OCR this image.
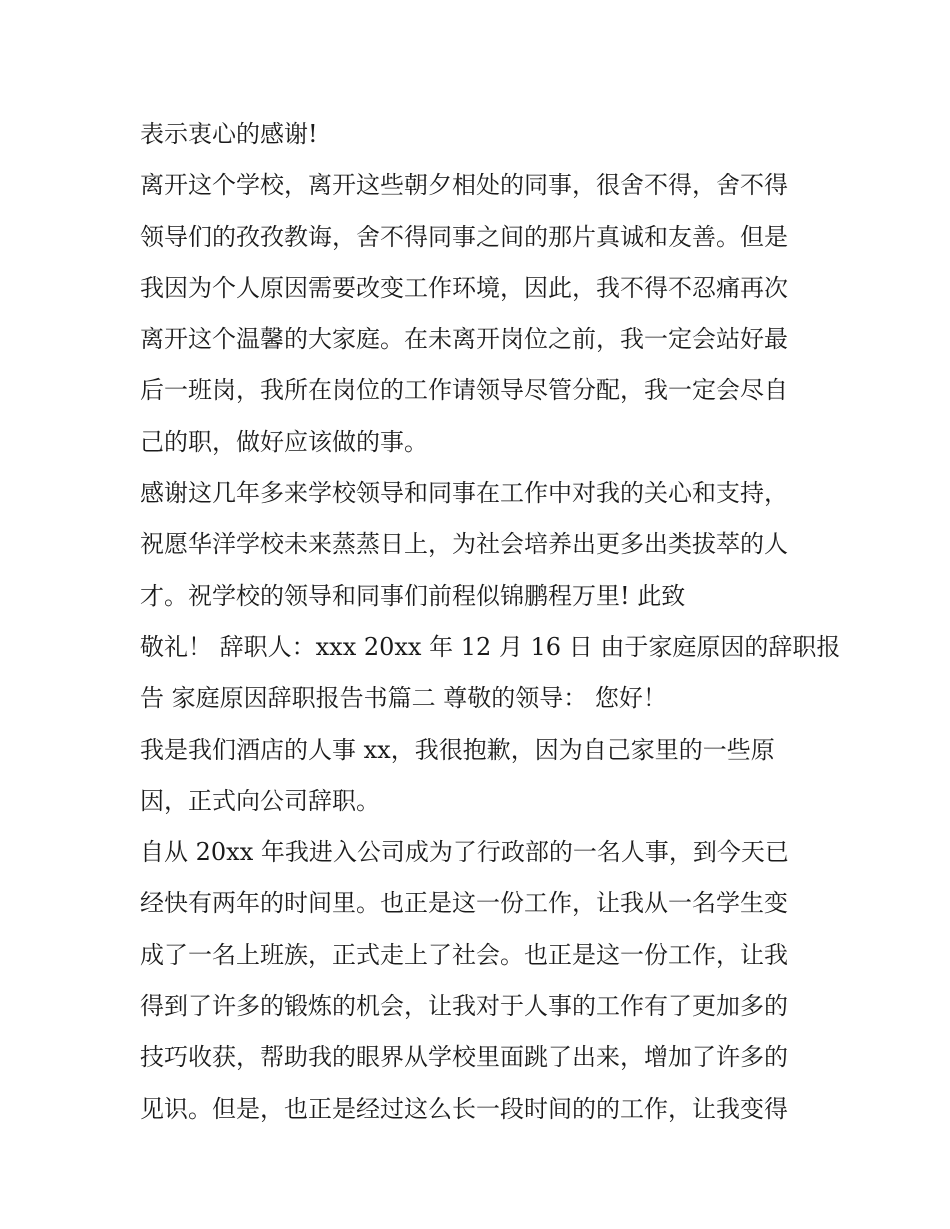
表示衷心的感谢!
离开这个学校，离开这些朝夕相处的同事，很舍不得，舍不得
领导们的孜孜教诲，舍不得同事之间的那片真诚和友善。但是
我因为个人原因需要改变工作环境，因此，我不得不忍痛再次
离开这个温馨的大家庭。在未离开岗位之前，我一定会站好最
后一班岗，我所在岗位的工作请领导尽管分配，我一定会尽自
己的职，做好应该做的事。
感谢这几年多来学校领导和同事在工作中对我的关心和支持，
祝愿华洋学校未来蒸蒸日上，为社会培养出更多出类拔萃的人
才。祝学校的领导和同事们前程似锦鹏程万里! 此致
敬礼！ 辞职人：xxx 20xx 年 12 月 16 日 由于家庭原因的辞职报
告 家庭原因辞职报告书篇二 尊敬的领导： 您好！
我是我们酒店的人事 xx，我很抱歉，因为自己家里的一些原
因，正式向公司辞职。
自从 20xx 年我进入公司成为了行政部的一名人事，到今天已
经快有两年的时间里。也正是这一份工作，让我从一名学生变
成了一名上班族，正式走上了社会。也正是这一份工作，让我
得到了许多的锻炼的机会，让我对于人事的工作有了更加多的
技巧收获，帮助我的眼界从学校里面跳了出来，增加了许多的
见识。但是，也正是经过这么长一段时间的的工作，让我变得
